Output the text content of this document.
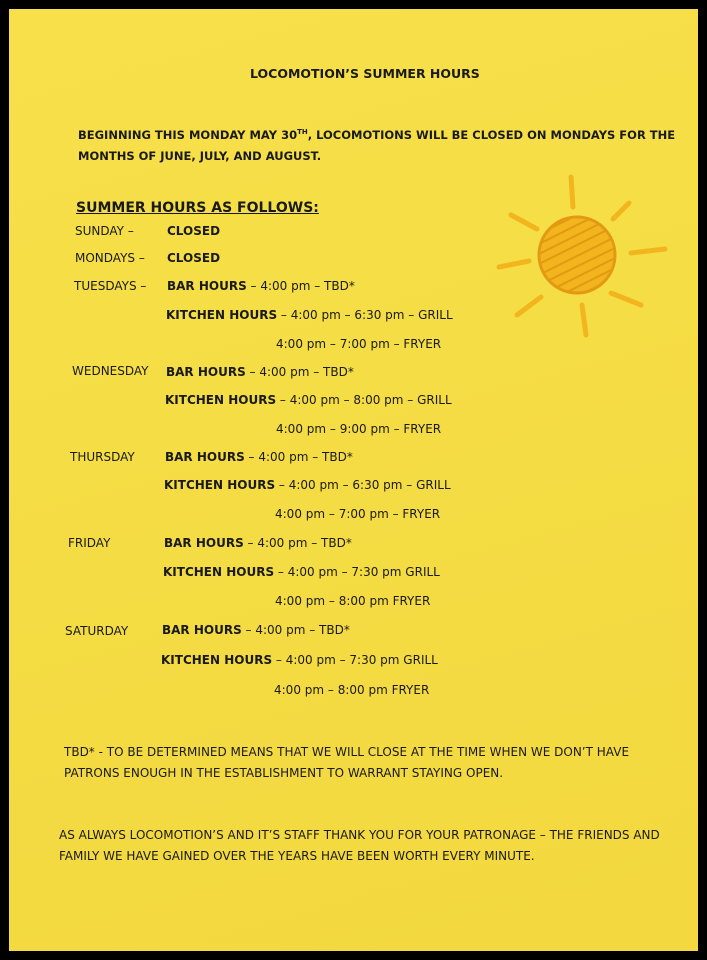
LOCOMOTION’S SUMMER HOURS
BEGINNING THIS MONDAY MAY 30TH, LOCOMOTIONS WILL BE CLOSED ON MONDAYS FOR THE
MONTHS OF JUNE, JULY, AND AUGUST.
SUMMER HOURS AS FOLLOWS:
SUNDAY –	CLOSED
MONDAYS – CLOSED
TUESDAYS – BAR HOURS – 4:00 pm – TBD*
KITCHEN HOURS – 4:00 pm – 6:30 pm – GRILL
4:00 pm – 7:00 pm – FRYER
WEDNESDAY BAR HOURS – 4:00 pm – TBD*
KITCHEN HOURS – 4:00 pm – 8:00 pm – GRILL
4:00 pm – 9:00 pm – FRYER
THURSDAY	BAR HOURS – 4:00 pm – TBD*
KITCHEN HOURS – 4:00 pm – 6:30 pm – GRILL
4:00 pm – 7:00 pm – FRYER
FRIDAY	BAR HOURS – 4:00 pm – TBD*
KITCHEN HOURS – 4:00 pm – 7:30 pm GRILL
4:00 pm – 8:00 pm FRYER
SATURDAY	BAR HOURS – 4:00 pm – TBD*
KITCHEN HOURS – 4:00 pm – 7:30 pm GRILL
4:00 pm – 8:00 pm FRYER
TBD* - TO BE DETERMINED MEANS THAT WE WILL CLOSE AT THE TIME WHEN WE DON’T HAVE
PATRONS ENOUGH IN THE ESTABLISHMENT TO WARRANT STAYING OPEN.
AS ALWAYS LOCOMOTION’S AND IT’S STAFF THANK YOU FOR YOUR PATRONAGE – THE FRIENDS AND
FAMILY WE HAVE GAINED OVER THE YEARS HAVE BEEN WORTH EVERY MINUTE.
